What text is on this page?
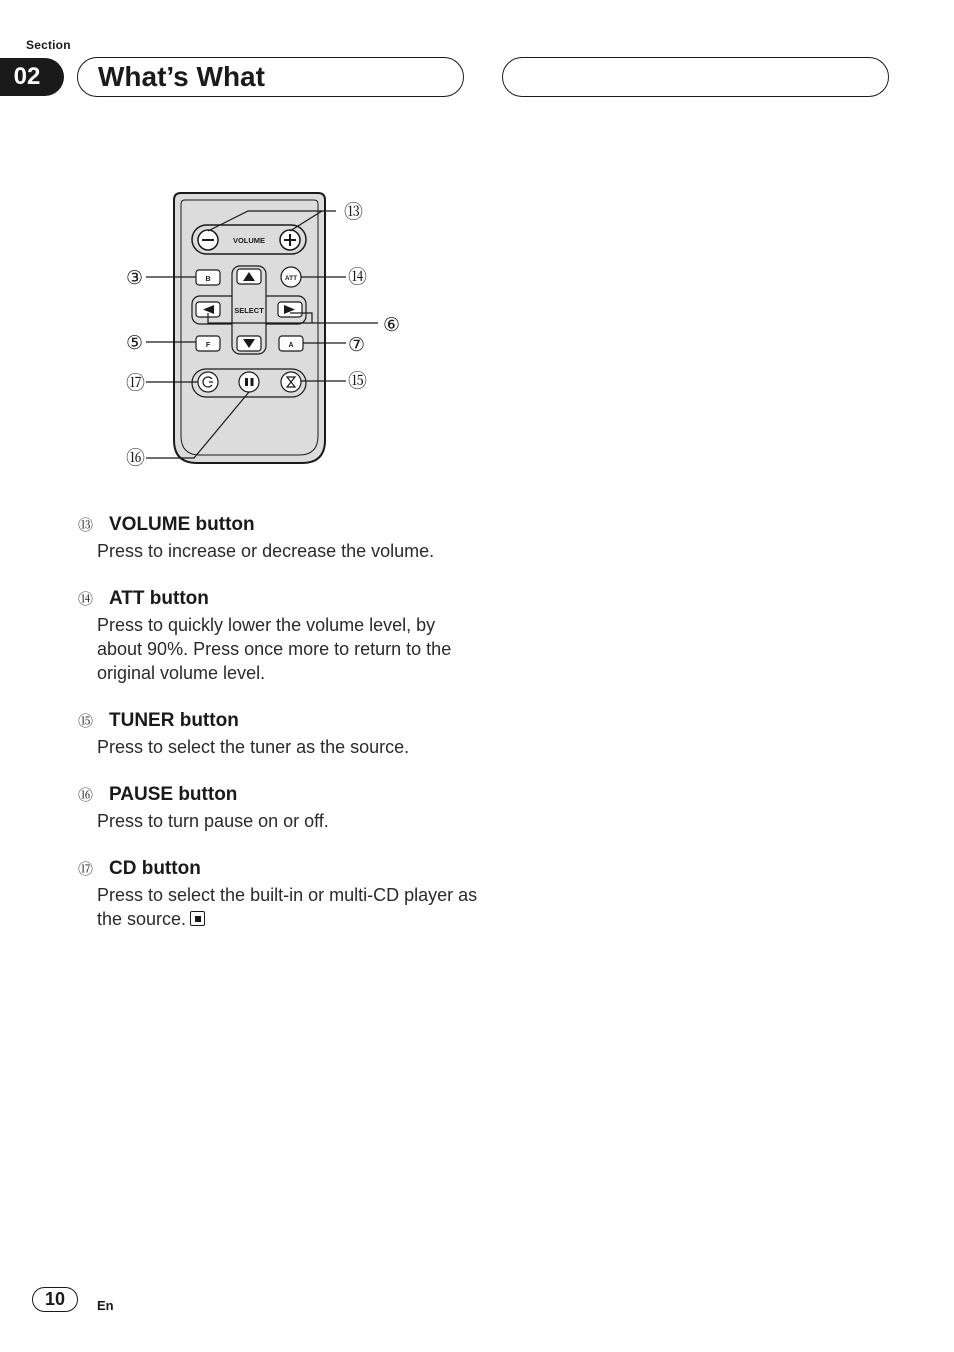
Section
02	What’s What
VOLUME
SELECT
B	ATT
F	A
⑬
③	⑭
⑥
⑤	⑦
⑰	⑮
⑯
⑬ VOLUME button
Press to increase or decrease the volume.
⑭ ATT button
Press to quickly lower the volume level, by about 90%. Press once more to return to the original volume level.
⑮ TUNER button
Press to select the tuner as the source.
⑯ PAUSE button
Press to turn pause on or off.
⑰ CD button
Press to select the built-in or multi-CD player as the source.
10	En
